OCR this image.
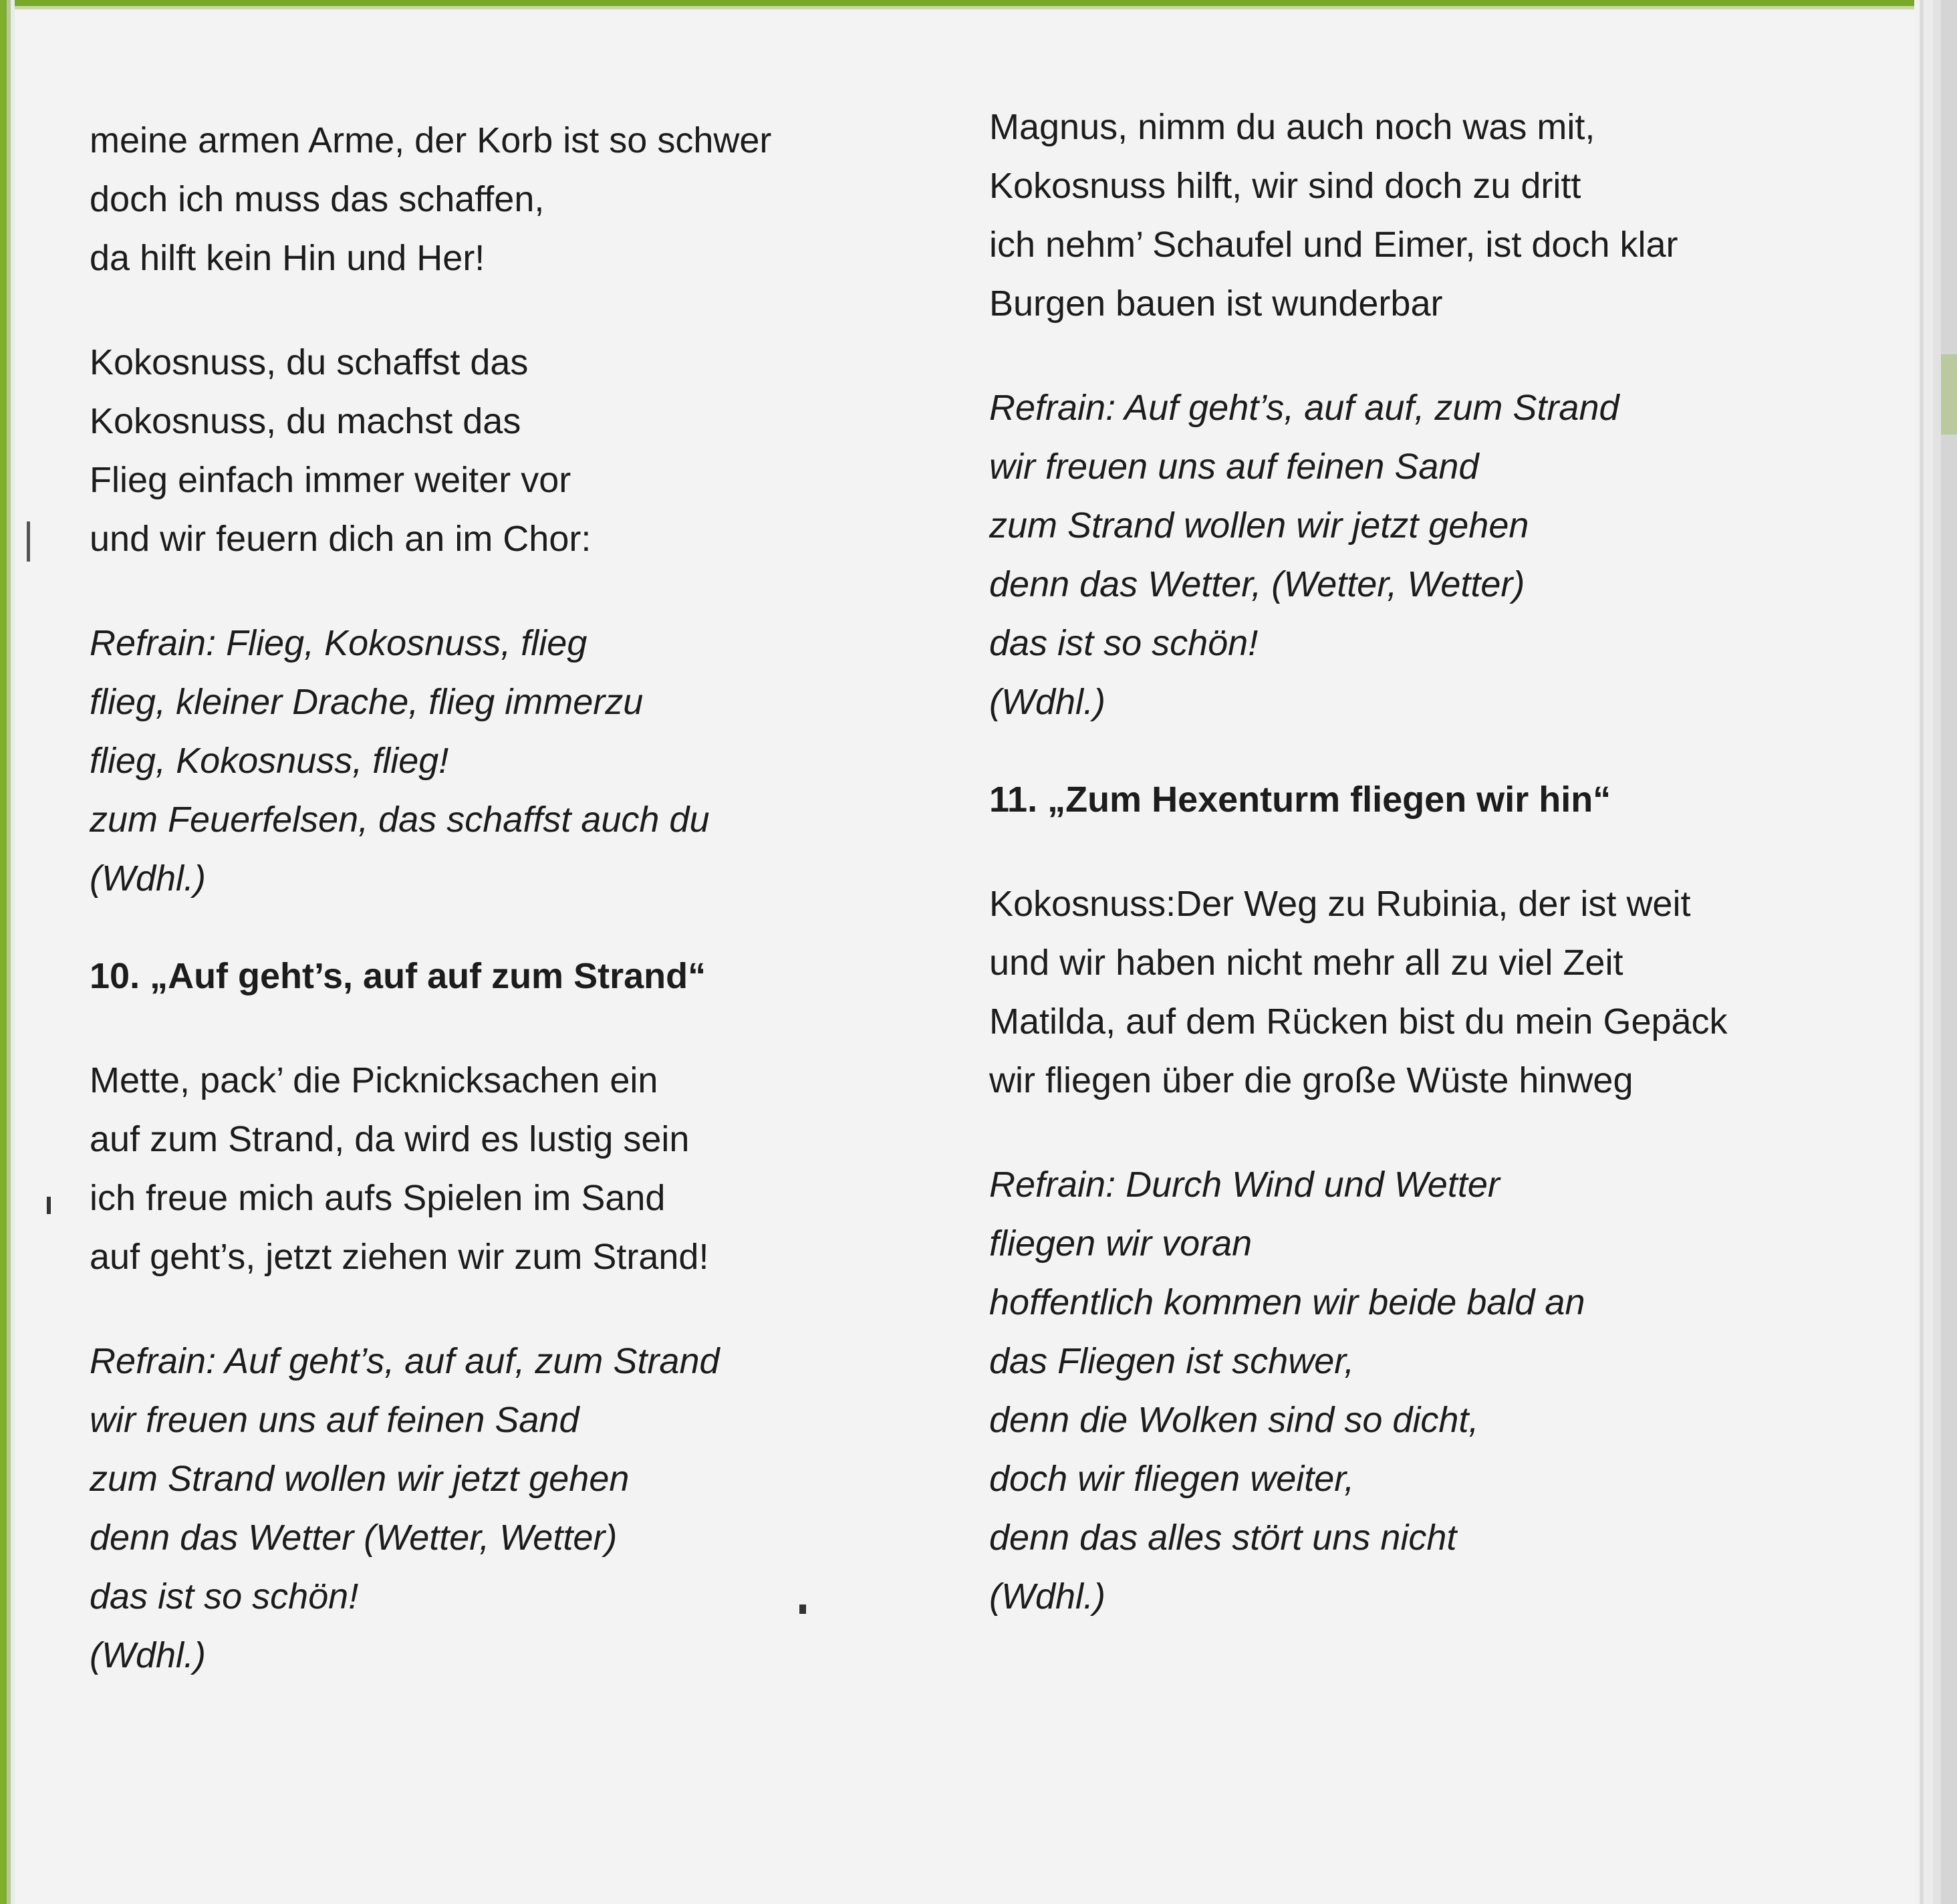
meine armen Arme, der Korb ist so schwer
doch ich muss das schaffen,
da hilft kein Hin und Her!
Kokosnuss, du schaffst das
Kokosnuss, du machst das
Flieg einfach immer weiter vor
und wir feuern dich an im Chor:
Refrain: Flieg, Kokosnuss, flieg
flieg, kleiner Drache, flieg immerzu
flieg, Kokosnuss, flieg!
zum Feuerfelsen, das schaffst auch du
(Wdhl.)
10. „Auf geht’s, auf auf zum Strand“
Mette, pack’ die Picknicksachen ein
auf zum Strand, da wird es lustig sein
ich freue mich aufs Spielen im Sand
auf geht’s, jetzt ziehen wir zum Strand!
Refrain: Auf geht’s, auf auf, zum Strand
wir freuen uns auf feinen Sand
zum Strand wollen wir jetzt gehen
denn das Wetter (Wetter, Wetter)
das ist so schön!
(Wdhl.)
Magnus, nimm du auch noch was mit,
Kokosnuss hilft, wir sind doch zu dritt
ich nehm’ Schaufel und Eimer, ist doch klar
Burgen bauen ist wunderbar
Refrain: Auf geht’s, auf auf, zum Strand
wir freuen uns auf feinen Sand
zum Strand wollen wir jetzt gehen
denn das Wetter, (Wetter, Wetter)
das ist so schön!
(Wdhl.)
11. „Zum Hexenturm fliegen wir hin“
Kokosnuss:Der Weg zu Rubinia, der ist weit
und wir haben nicht mehr all zu viel Zeit
Matilda, auf dem Rücken bist du mein Gepäck
wir fliegen über die große Wüste hinweg
Refrain: Durch Wind und Wetter
fliegen wir voran
hoffentlich kommen wir beide bald an
das Fliegen ist schwer,
denn die Wolken sind so dicht,
doch wir fliegen weiter,
denn das alles stört uns nicht
(Wdhl.)
